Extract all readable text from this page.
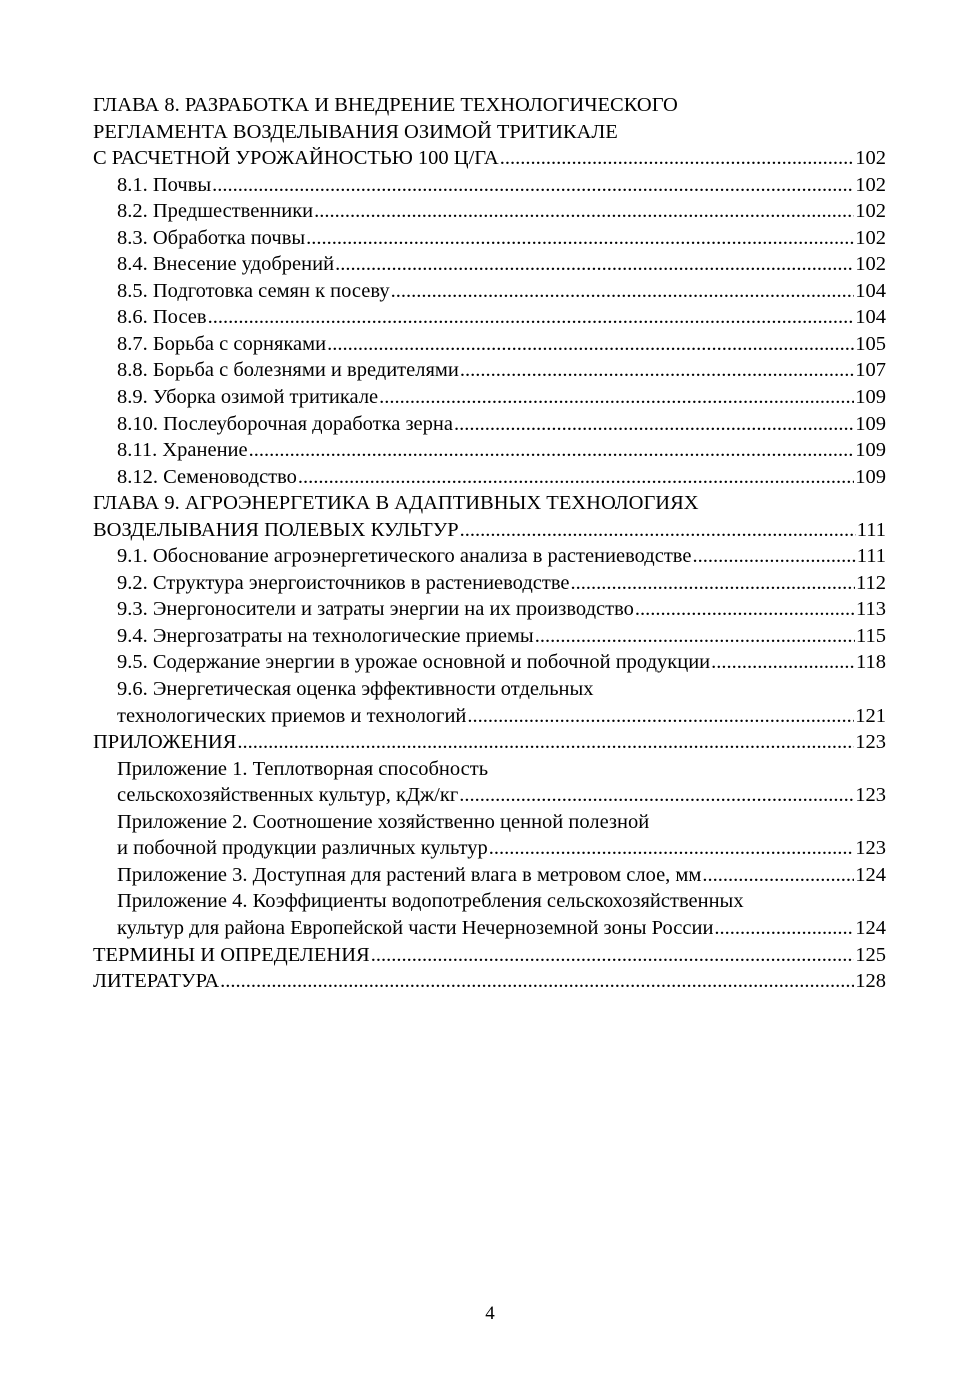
ГЛАВА 8. РАЗРАБОТКА И ВНЕДРЕНИЕ ТЕХНОЛОГИЧЕСКОГО
РЕГЛАМЕНТА ВОЗДЕЛЫВАНИЯ ОЗИМОЙ ТРИТИКАЛЕ
С РАСЧЕТНОЙ УРОЖАЙНОСТЬЮ 100 Ц/ГА .....	102
8.1. Почвы .....	102
8.2. Предшественники .....	102
8.3. Обработка почвы .....	102
8.4. Внесение удобрений .....	102
8.5. Подготовка семян к посеву .....	104
8.6. Посев .....	104
8.7. Борьба с сорняками .....	105
8.8. Борьба с болезнями и вредителями .....	107
8.9. Уборка озимой тритикале .....	109
8.10. Послеуборочная доработка зерна .....	109
8.11. Хранение .....	109
8.12. Семеноводство .....	109
ГЛАВА 9. АГРОЭНЕРГЕТИКА В АДАПТИВНЫХ ТЕХНОЛОГИЯХ
ВОЗДЕЛЫВАНИЯ ПОЛЕВЫХ КУЛЬТУР .....	111
9.1. Обоснование агроэнергетического анализа в растениеводстве .....	111
9.2. Структура энергоисточников в растениеводстве .....	112
9.3. Энергоносители и затраты энергии на их производство .....	113
9.4. Энергозатраты на технологические приемы .....	115
9.5. Содержание энергии в урожае основной и побочной продукции .....	118
9.6. Энергетическая оценка эффективности отдельных
технологических приемов и технологий .....	121
ПРИЛОЖЕНИЯ .....	123
Приложение 1. Теплотворная способность
сельскохозяйственных культур, кДж/кг .....	123
Приложение 2. Соотношение хозяйственно ценной полезной
и побочной продукции различных культур .....	123
Приложение 3. Доступная для растений влага в метровом слое, мм .....	124
Приложение 4. Коэффициенты водопотребления сельскохозяйственных
культур для района Европейской части Нечерноземной зоны России .....	124
ТЕРМИНЫ И ОПРЕДЕЛЕНИЯ .....	125
ЛИТЕРАТУРА .....	128
4
